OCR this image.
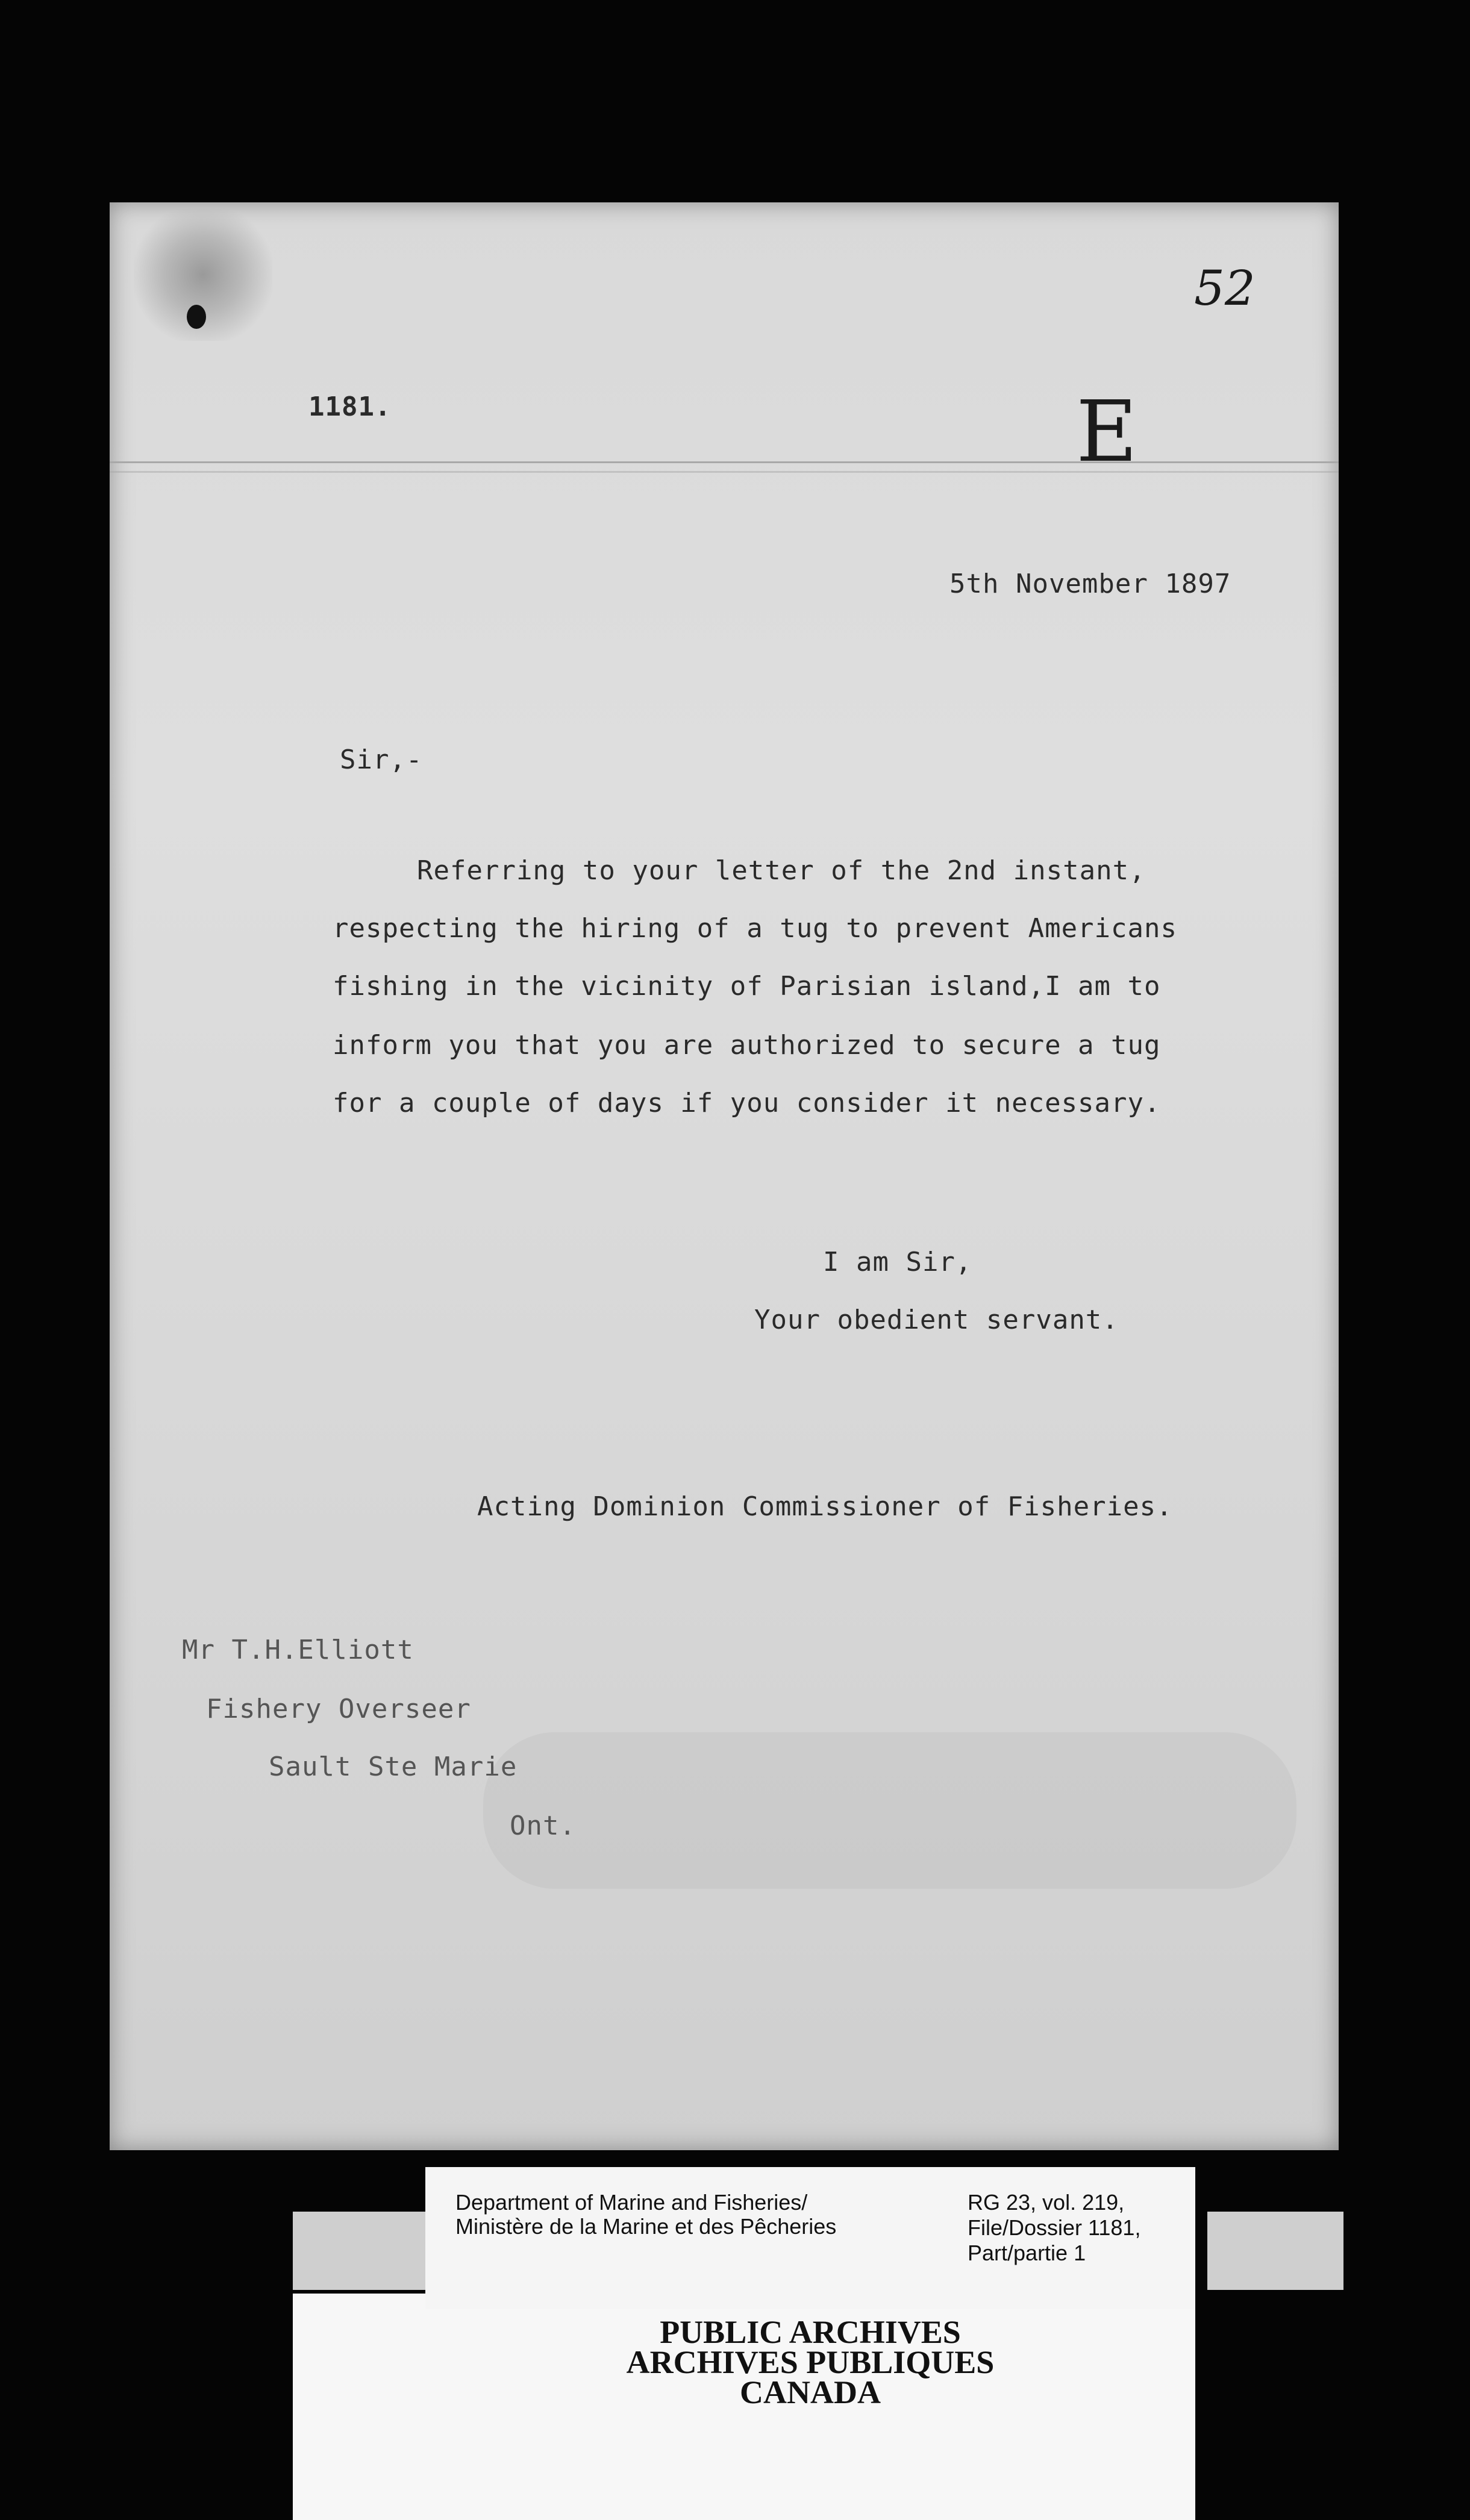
1181.
52
E
5th November 1897
Sir,-
Referring to your letter of the 2nd instant,
respecting the hiring of a tug to prevent Americans
fishing in the vicinity of Parisian island,I am to
inform you that you are authorized to secure a tug
for a couple of days if you consider it necessary.
I am Sir,
Your obedient servant.
Acting Dominion Commissioner of Fisheries.
Mr T.H.Elliott
Fishery Overseer
Sault Ste Marie
Ont.
Department of Marine and Fisheries/
Ministère de la Marine et des Pêcheries
RG 23, vol. 219,
File/Dossier 1181,
Part/partie 1
PUBLIC ARCHIVES
ARCHIVES PUBLIQUES
CANADA
